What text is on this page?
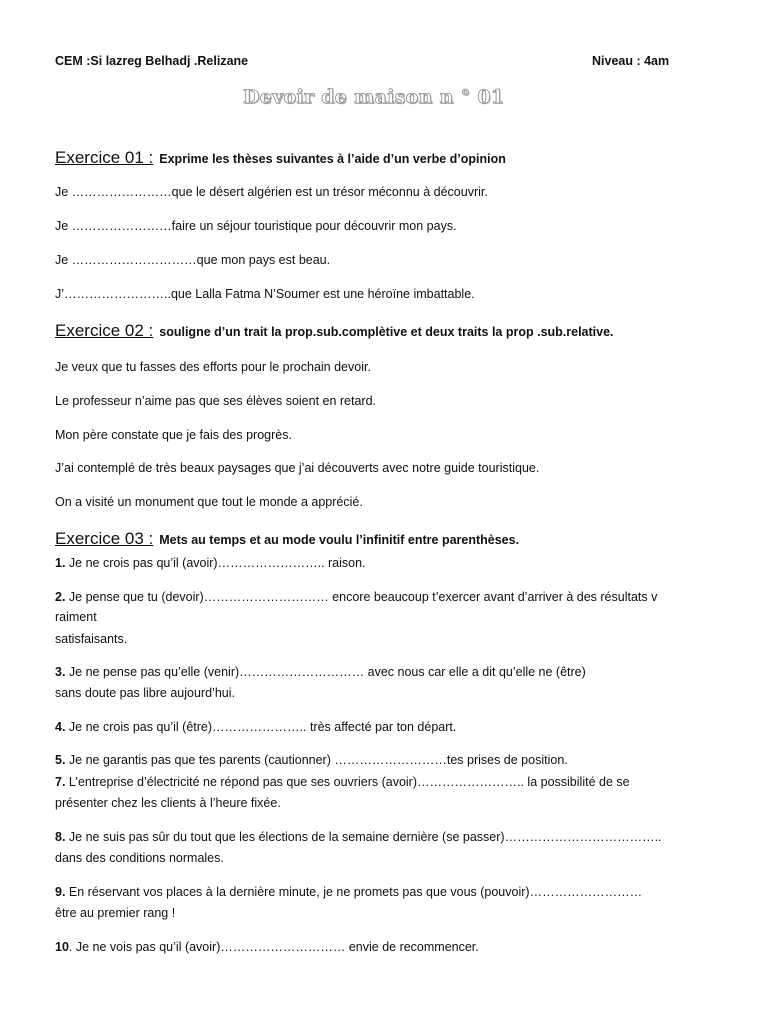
CEM :Si lazreg Belhadj .Relizane	Niveau : 4am
Devoir de maison n ° 01
Exercice 01 : Exprime les thèses suivantes à l’aide d’un verbe d’opinion
Je ……………………que le désert algérien est un trésor méconnu à découvrir.
Je ……………………faire un séjour touristique pour découvrir mon pays.
Je …………………………que mon pays est beau.
J’……………………..que Lalla Fatma N’Soumer est une héroïne imbattable.
Exercice 02 : souligne d’un trait la prop.sub.complètive et deux traits la prop .sub.relative.
Je veux que tu fasses des efforts pour le prochain devoir.
Le professeur n’aime pas que ses élèves soient en retard.
Mon père constate que je fais des progrès.
J’ai contemplé de très beaux paysages que j’ai découverts avec notre guide touristique.
On a visité un monument que tout le monde a apprécié.
Exercice 03 : Mets au temps et au mode voulu l’infinitif entre parenthèses.
1. Je ne crois pas qu’il (avoir)…………………….. raison.
2. Je pense que tu (devoir)………………………… encore beaucoup t’exercer avant d’arriver à des résultats v
raiment
satisfaisants.
3. Je ne pense pas qu’elle (venir)………………………… avec nous car elle a dit qu’elle ne (être)
sans doute pas libre aujourd’hui.
4. Je ne crois pas qu’il (être)………………….. très affecté par ton départ.
5. Je ne garantis pas que tes parents (cautionner) ………………………tes prises de position.
7. L’entreprise d’électricité ne répond pas que ses ouvriers (avoir)…………………….. la possibilité de se
présenter chez les clients à l’heure fixée.
8. Je ne suis pas sûr du tout que les élections de la semaine dernière (se passer)………………………………..
dans des conditions normales.
9. En réservant vos places à la dernière minute, je ne promets pas que vous (pouvoir)………………………
être au premier rang !
10. Je ne vois pas qu’il (avoir)………………………… envie de recommencer.
